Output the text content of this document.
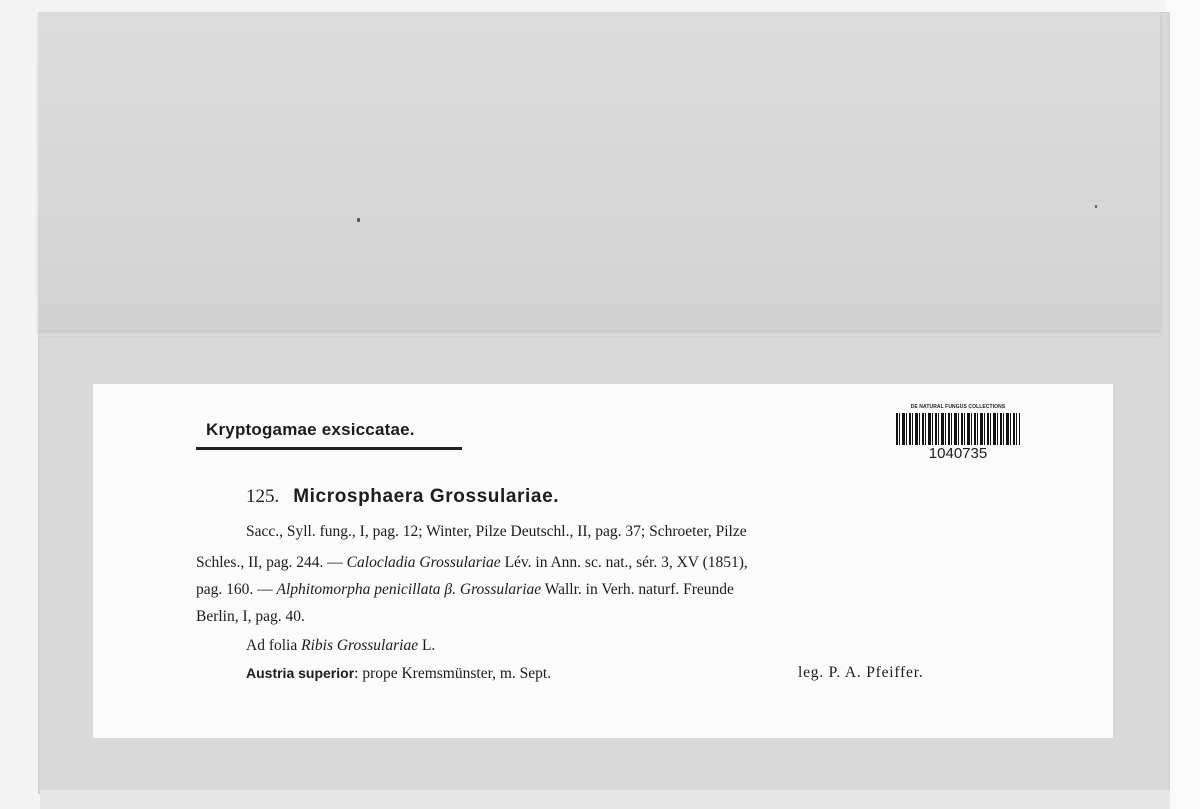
Kryptogamae exsiccatae.
DE NATURAL FUNGUS COLLECTIONS
1040735
125. Microsphaera Grossulariae.
Sacc., Syll. fung., I, pag. 12; Winter, Pilze Deutschl., II, pag. 37; Schroeter, Pilze
Schles., II, pag. 244. — Calocladia Grossulariae Lév. in Ann. sc. nat., sér. 3, XV (1851),
pag. 160. — Alphitomorpha penicillata β. Grossulariae Wallr. in Verh. naturf. Freunde
Berlin, I, pag. 40.
Ad folia Ribis Grossulariae L.
Austria superior: prope Kremsmünster, m. Sept.	leg. P. A. Pfeiffer.
